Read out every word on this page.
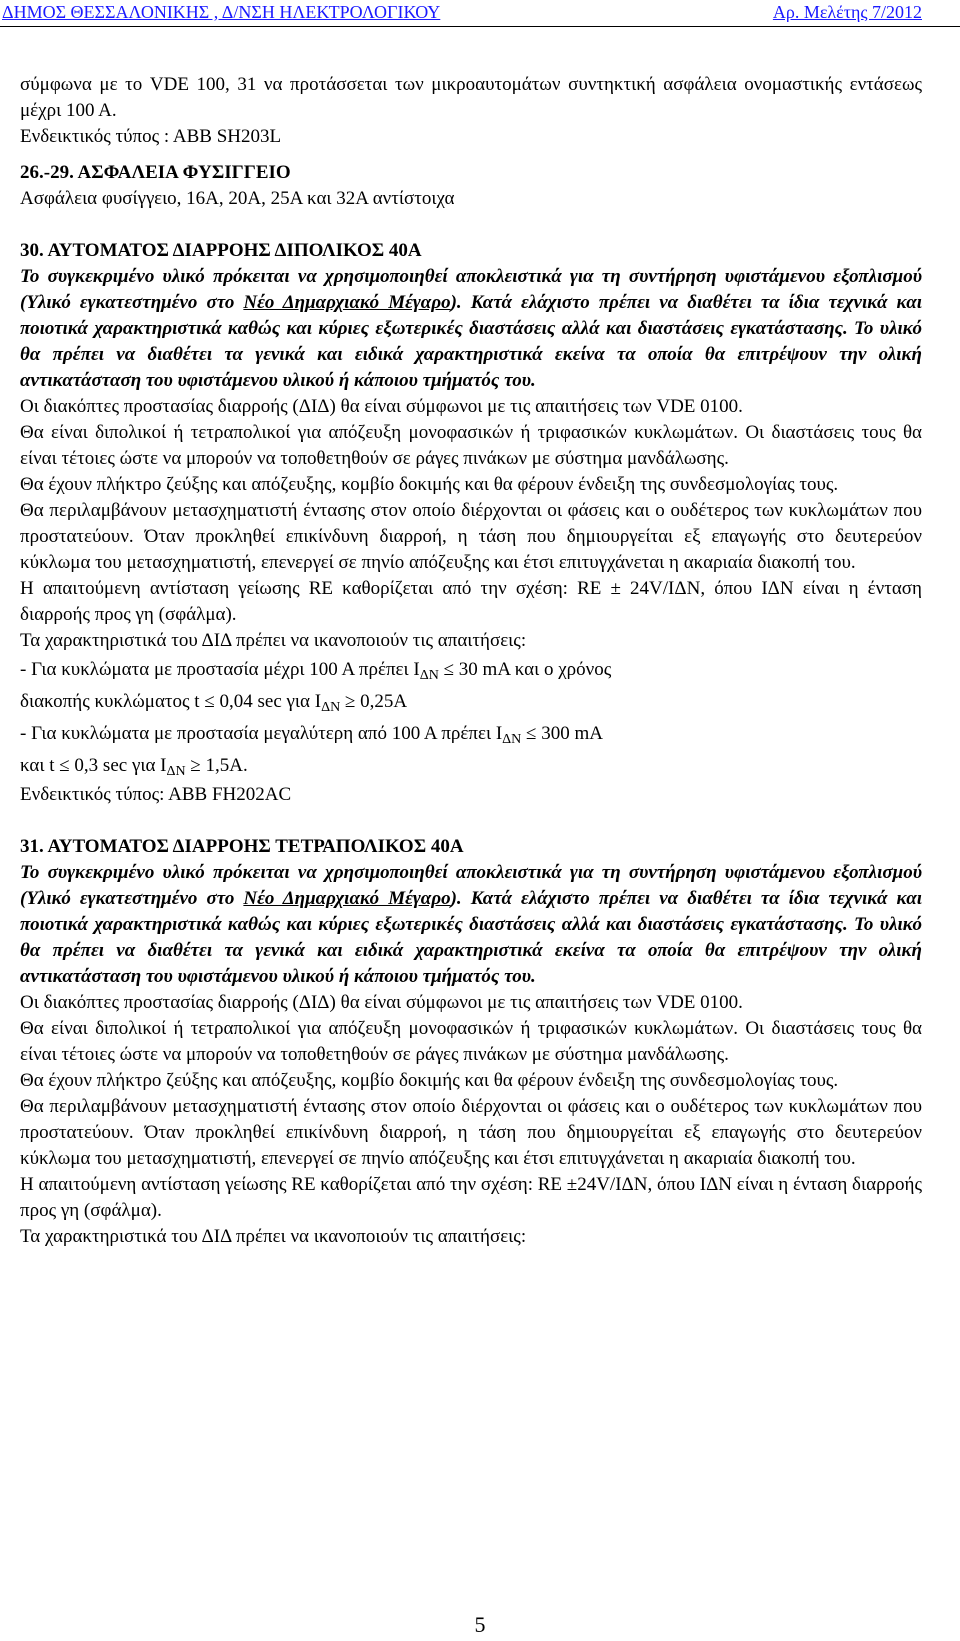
ΔΗΜΟΣ ΘΕΣΣΑΛΟΝΙΚΗΣ , Δ/ΝΣΗ ΗΛΕΚΤΡΟΛΟΓΙΚΟΥ	Αρ. Μελέτης 7/2012

σύμφωνα με το VDE 100, 31 να προτάσσεται των μικροαυτομάτων συντηκτική ασφάλεια ονομαστικής εντάσεως μέχρι 100 Α.

Ενδεικτικός τύπος : ΑΒΒ SH203L

26.-29. ΑΣΦΑΛΕΙΑ ΦΥΣΙΓΓΕΙΟ

Ασφάλεια φυσίγγειο, 16Α, 20Α, 25Α και 32Α αντίστοιχα

30. ΑΥΤΟΜΑΤΟΣ ΔΙΑΡΡΟΗΣ ΔΙΠΟΛΙΚΟΣ 40Α

Το συγκεκριμένο υλικό πρόκειται να χρησιμοποιηθεί αποκλειστικά για τη συντήρηση υφιστάμενου εξοπλισμού (Υλικό εγκατεστημένο στο Νέο Δημαρχιακό Μέγαρο). Κατά ελάχιστο πρέπει να διαθέτει τα ίδια τεχνικά και ποιοτικά χαρακτηριστικά καθώς και κύριες εξωτερικές διαστάσεις αλλά και διαστάσεις εγκατάστασης. Το υλικό θα πρέπει να διαθέτει τα γενικά και ειδικά χαρακτηριστικά εκείνα τα οποία θα επιτρέψουν την ολική αντικατάσταση του υφιστάμενου υλικού ή κάποιου τμήματός του.

Οι διακόπτες προστασίας διαρροής (ΔΙΔ) θα είναι σύμφωνοι με τις απαιτήσεις των VDE 0100.

Θα είναι διπολικοί ή τετραπολικοί για απόζευξη μονοφασικών ή τριφασικών κυκλωμάτων. Οι διαστάσεις τους θα είναι τέτοιες ώστε να μπορούν να τοποθετηθούν σε ράγες πινάκων με σύστημα μανδάλωσης.

Θα έχουν πλήκτρο ζεύξης και απόζευξης, κομβίο δοκιμής και θα φέρουν ένδειξη της συνδεσμολογίας τους.

Θα περιλαμβάνουν μετασχηματιστή έντασης στον οποίο διέρχονται οι φάσεις και ο ουδέτερος των κυκλωμάτων που προστατεύουν. Όταν προκληθεί επικίνδυνη διαρροή, η τάση που δημιουργείται εξ επαγωγής στο δευτερεύον κύκλωμα του μετασχηματιστή, επενεργεί σε πηνίο απόζευξης και έτσι επιτυγχάνεται η ακαριαία διακοπή του.

Η απαιτούμενη αντίσταση γείωσης RE καθορίζεται από την σχέση: RE ± 24V/ΙΔΝ, όπου ΙΔΝ είναι η ένταση διαρροής προς γη (σφάλμα).

Τα χαρακτηριστικά του ΔΙΔ πρέπει να ικανοποιούν τις απαιτήσεις:

- Για κυκλώματα με προστασία μέχρι 100 Α πρέπει $I_{\Delta N} \le 30$ mA και ο χρόνος

διακοπής κυκλώματος t ≤ 0,04 sec για $I_{\Delta N} \ge 0,25A$

- Για κυκλώματα με προστασία μεγαλύτερη από 100 Α πρέπει $I_{\Delta N} \le 300$ mA

και t ≤ 0,3 sec για $I_{\Delta N} \ge 1,5A$.

Ενδεικτικός τύπος: ΑΒΒ FH202AC

31. ΑΥΤΟΜΑΤΟΣ ΔΙΑΡΡΟΗΣ ΤΕΤΡΑΠΟΛΙΚΟΣ 40Α

Το συγκεκριμένο υλικό πρόκειται να χρησιμοποιηθεί αποκλειστικά για τη συντήρηση υφιστάμενου εξοπλισμού (Υλικό εγκατεστημένο στο Νέο Δημαρχιακό Μέγαρο). Κατά ελάχιστο πρέπει να διαθέτει τα ίδια τεχνικά και ποιοτικά χαρακτηριστικά καθώς και κύριες εξωτερικές διαστάσεις αλλά και διαστάσεις εγκατάστασης. Το υλικό θα πρέπει να διαθέτει τα γενικά και ειδικά χαρακτηριστικά εκείνα τα οποία θα επιτρέψουν την ολική αντικατάσταση του υφιστάμενου υλικού ή κάποιου τμήματός του.

Οι διακόπτες προστασίας διαρροής (ΔΙΔ) θα είναι σύμφωνοι με τις απαιτήσεις των VDE 0100.

Θα είναι διπολικοί ή τετραπολικοί για απόζευξη μονοφασικών ή τριφασικών κυκλωμάτων. Οι διαστάσεις τους θα είναι τέτοιες ώστε να μπορούν να τοποθετηθούν σε ράγες πινάκων με σύστημα μανδάλωσης.

Θα έχουν πλήκτρο ζεύξης και απόζευξης, κομβίο δοκιμής και θα φέρουν ένδειξη της συνδεσμολογίας τους.

Θα περιλαμβάνουν μετασχηματιστή έντασης στον οποίο διέρχονται οι φάσεις και ο ουδέτερος των κυκλωμάτων που προστατεύουν. Όταν προκληθεί επικίνδυνη διαρροή, η τάση που δημιουργείται εξ επαγωγής στο δευτερεύον κύκλωμα του μετασχηματιστή, επενεργεί σε πηνίο απόζευξης και έτσι επιτυγχάνεται η ακαριαία διακοπή του.

Η απαιτούμενη αντίσταση γείωσης RE καθορίζεται από την σχέση: RE ±24V/ΙΔΝ, όπου ΙΔΝ είναι η ένταση διαρροής προς γη (σφάλμα).

Τα χαρακτηριστικά του ΔΙΔ πρέπει να ικανοποιούν τις απαιτήσεις:

5
